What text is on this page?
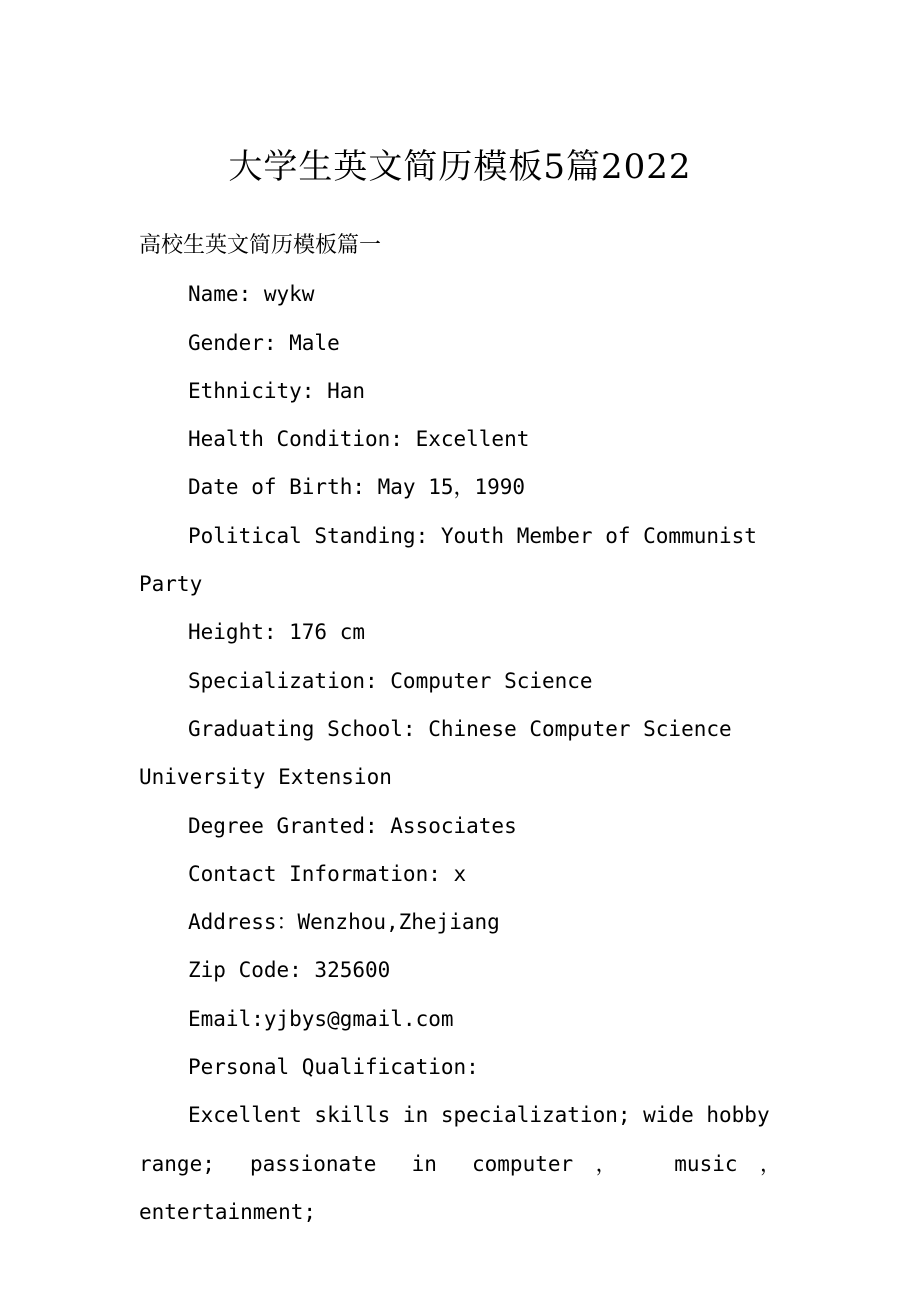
大学生英文简历模板5篇2022

高校生英文简历模板篇一

Name: wykw

Gender: Male

Ethnicity: Han

Health Condition: Excellent

Date of Birth: May 15，1990

Political Standing: Youth Member of Communist
Party

Height: 176 cm

Specialization: Computer Science

Graduating School: Chinese Computer Science
University Extension

Degree Granted: Associates

Contact Information: x

Address：Wenzhou,Zhejiang

Zip Code: 325600

Email:yjbys@gmail.com

Personal Qualification:

Excellent skills in specialization; wide hobby
range; passionate in computer， music， entertainment;
